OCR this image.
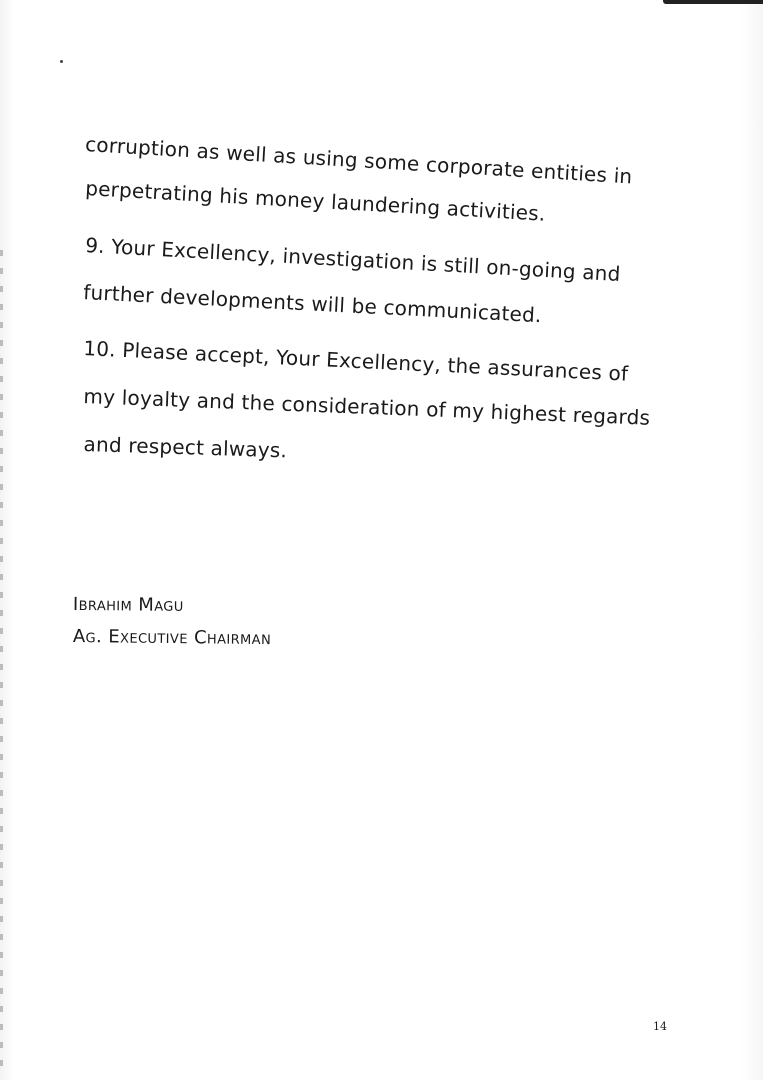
corruption as well as using some corporate entities in
perpetrating his money laundering activities.
9. Your Excellency, investigation is still on-going and
further developments will be communicated.
10. Please accept, Your Excellency, the assurances of
my loyalty and the consideration of my highest regards
and respect always.
Ibrahim Magu
Ag. Executive Chairman
14
